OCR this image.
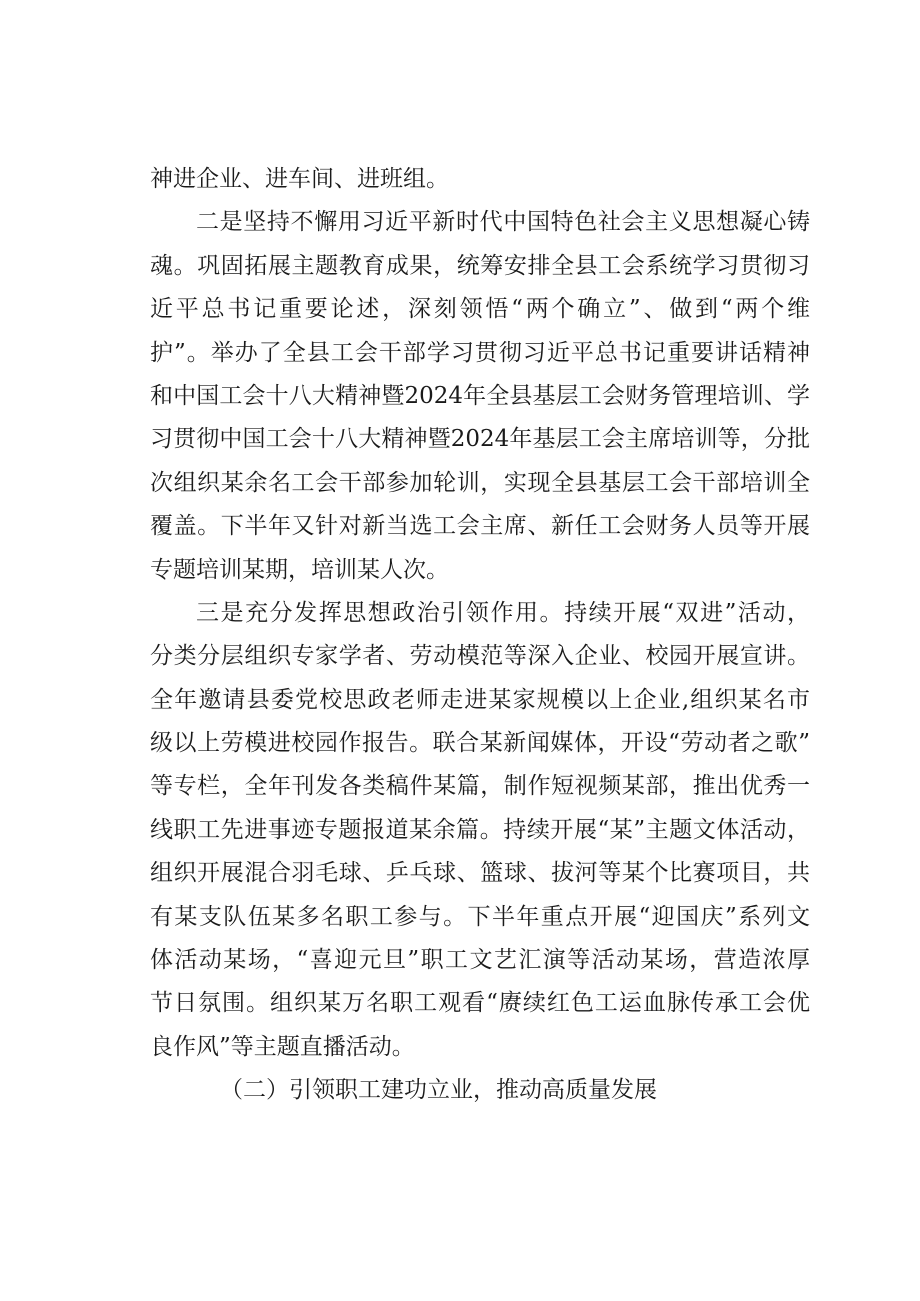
神进企业、进车间、进班组。
二是坚持不懈用习近平新时代中国特色社会主义思想凝心铸
魂。巩固拓展主题教育成果，统筹安排全县工会系统学习贯彻习
近平总书记重要论述，深刻领悟“两个确立”、做到“两个维
护”。举办了全县工会干部学习贯彻习近平总书记重要讲话精神
和中国工会十八大精神暨2024年全县基层工会财务管理培训、学
习贯彻中国工会十八大精神暨2024年基层工会主席培训等，分批
次组织某余名工会干部参加轮训，实现全县基层工会干部培训全
覆盖。下半年又针对新当选工会主席、新任工会财务人员等开展
专题培训某期，培训某人次。
三是充分发挥思想政治引领作用。持续开展“双进”活动，
分类分层组织专家学者、劳动模范等深入企业、校园开展宣讲。
全年邀请县委党校思政老师走进某家规模以上企业,组织某名市
级以上劳模进校园作报告。联合某新闻媒体，开设“劳动者之歌”
等专栏，全年刊发各类稿件某篇，制作短视频某部，推出优秀一
线职工先进事迹专题报道某余篇。持续开展“某”主题文体活动，
组织开展混合羽毛球、乒乓球、篮球、拔河等某个比赛项目，共
有某支队伍某多名职工参与。下半年重点开展“迎国庆”系列文
体活动某场，“喜迎元旦”职工文艺汇演等活动某场，营造浓厚
节日氛围。组织某万名职工观看“赓续红色工运血脉传承工会优
良作风”等主题直播活动。
（二）引领职工建功立业，推动高质量发展
